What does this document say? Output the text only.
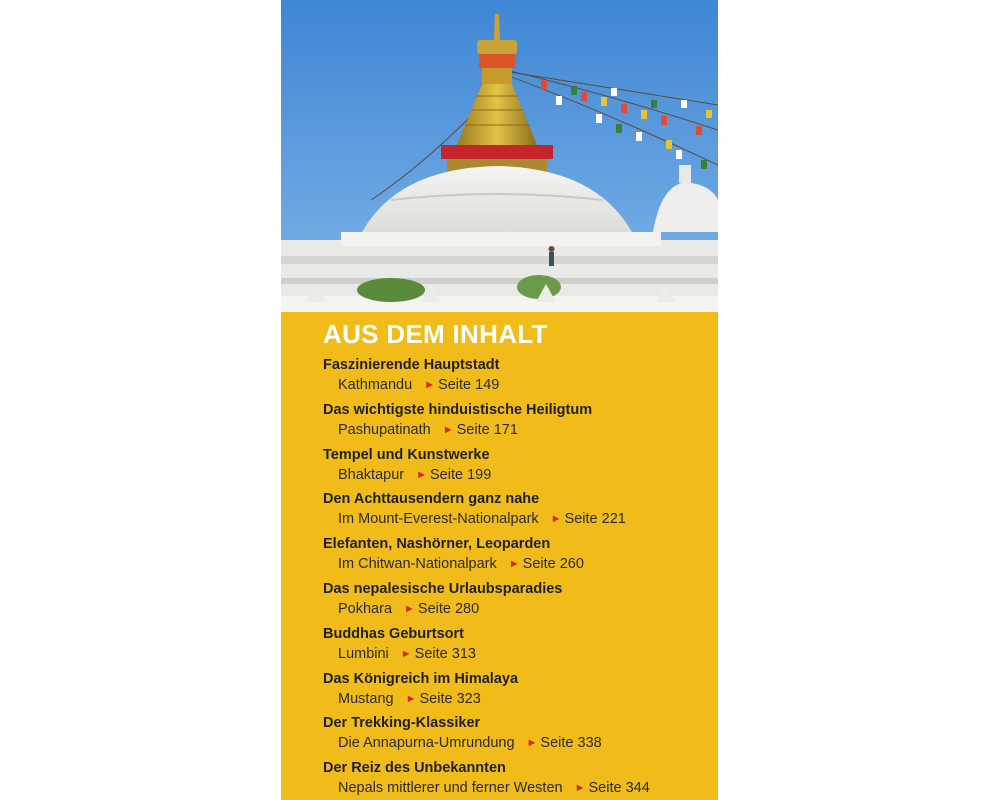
AUS DEM INHALT
Faszinierende Hauptstadt
Kathmandu ► Seite 149
Das wichtigste hinduistische Heiligtum
Pashupatinath ► Seite 171
Tempel und Kunstwerke
Bhaktapur ► Seite 199
Den Achttausendern ganz nahe
Im Mount-Everest-Nationalpark ► Seite 221
Elefanten, Nashörner, Leoparden
Im Chitwan-Nationalpark ► Seite 260
Das nepalesische Urlaubsparadies
Pokhara ► Seite 280
Buddhas Geburtsort
Lumbini ► Seite 313
Das Königreich im Himalaya
Mustang ► Seite 323
Der Trekking-Klassiker
Die Annapurna-Umrundung ► Seite 338
Der Reiz des Unbekannten
Nepals mittlerer und ferner Westen ► Seite 344
